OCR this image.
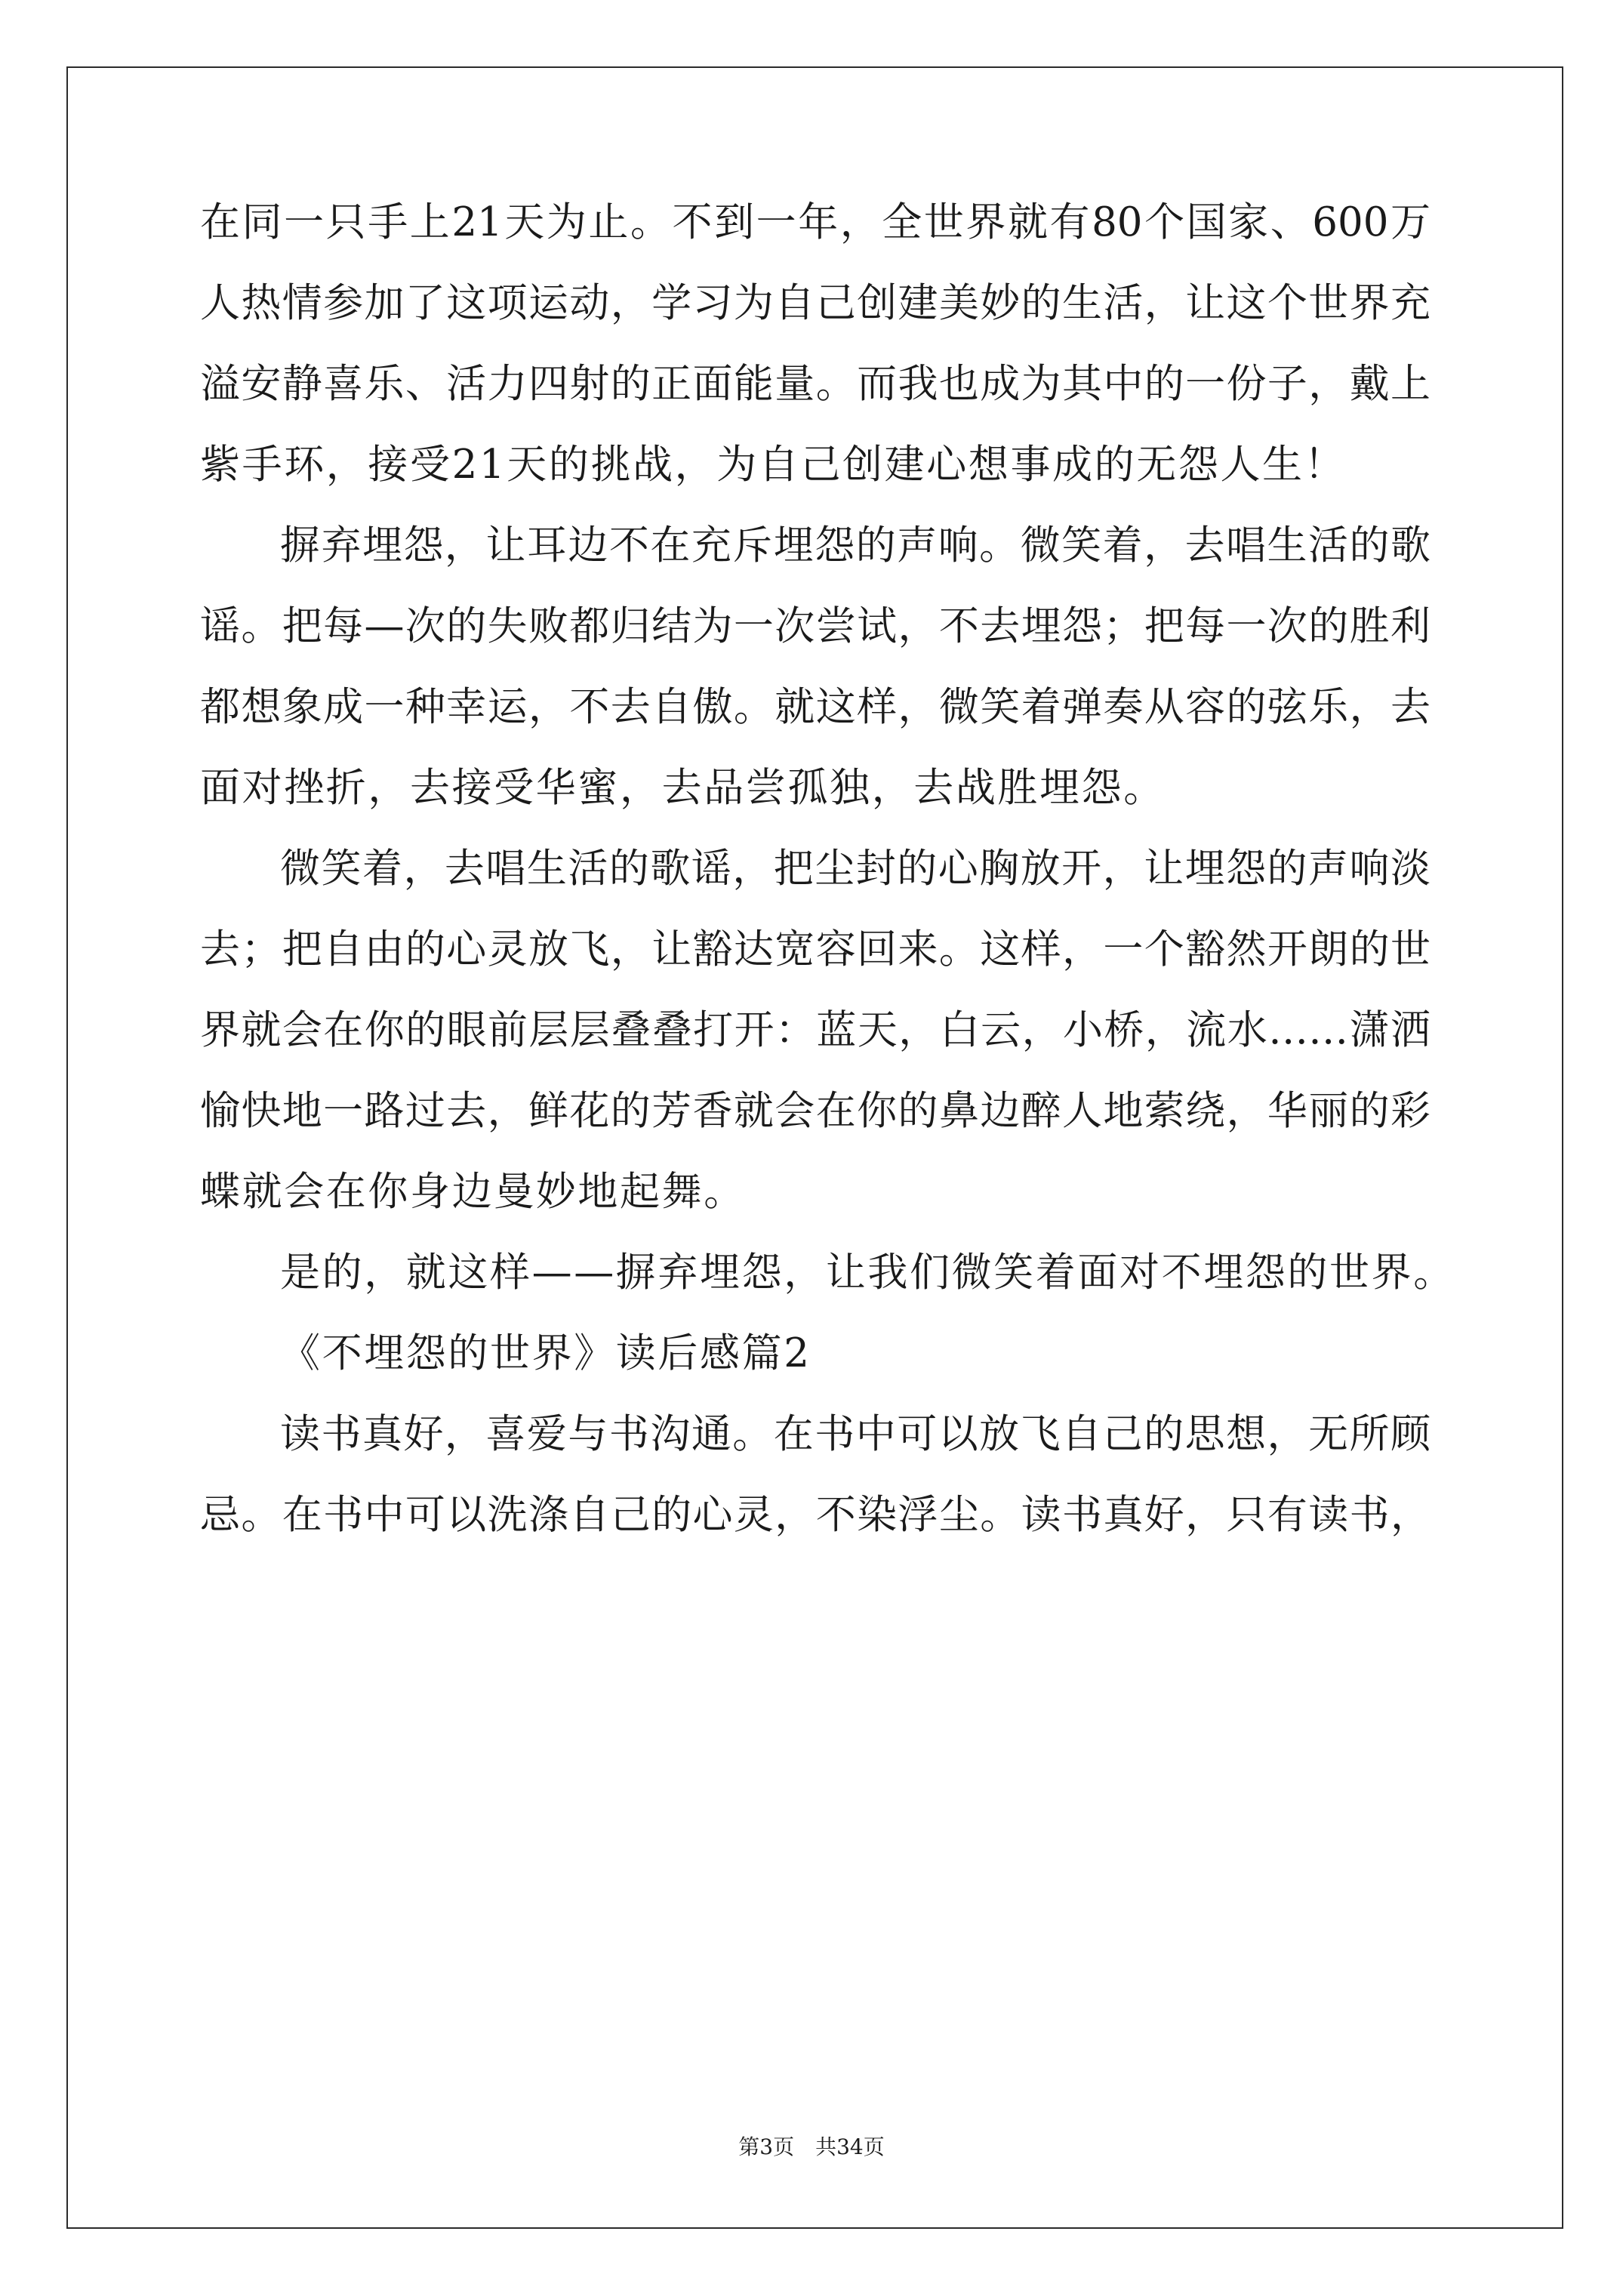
在同一只手上21天为止。不到一年，全世界就有80个国家、600万

人热情参加了这项运动，学习为自己创建美妙的生活，让这个世界充

溢安静喜乐、活力四射的正面能量。而我也成为其中的一份子，戴上

紫手环，接受21天的挑战，为自己创建心想事成的无怨人生！

摒弃埋怨，让耳边不在充斥埋怨的声响。微笑着，去唱生活的歌

谣。把每—次的失败都归结为一次尝试，不去埋怨；把每一次的胜利

都想象成一种幸运，不去自傲。就这样，微笑着弹奏从容的弦乐，去

面对挫折，去接受华蜜，去品尝孤独，去战胜埋怨。

微笑着，去唱生活的歌谣，把尘封的心胸放开，让埋怨的声响淡

去；把自由的心灵放飞，让豁达宽容回来。这样，一个豁然开朗的世

界就会在你的眼前层层叠叠打开：蓝天，白云，小桥，流水……潇洒

愉快地一路过去，鲜花的芳香就会在你的鼻边醉人地萦绕，华丽的彩

蝶就会在你身边曼妙地起舞。

是的，就这样——摒弃埋怨，让我们微笑着面对不埋怨的世界。

《不埋怨的世界》读后感篇2

读书真好，喜爱与书沟通。在书中可以放飞自己的思想，无所顾

忌。在书中可以洗涤自己的心灵，不染浮尘。读书真好，只有读书，

第3页　共34页
